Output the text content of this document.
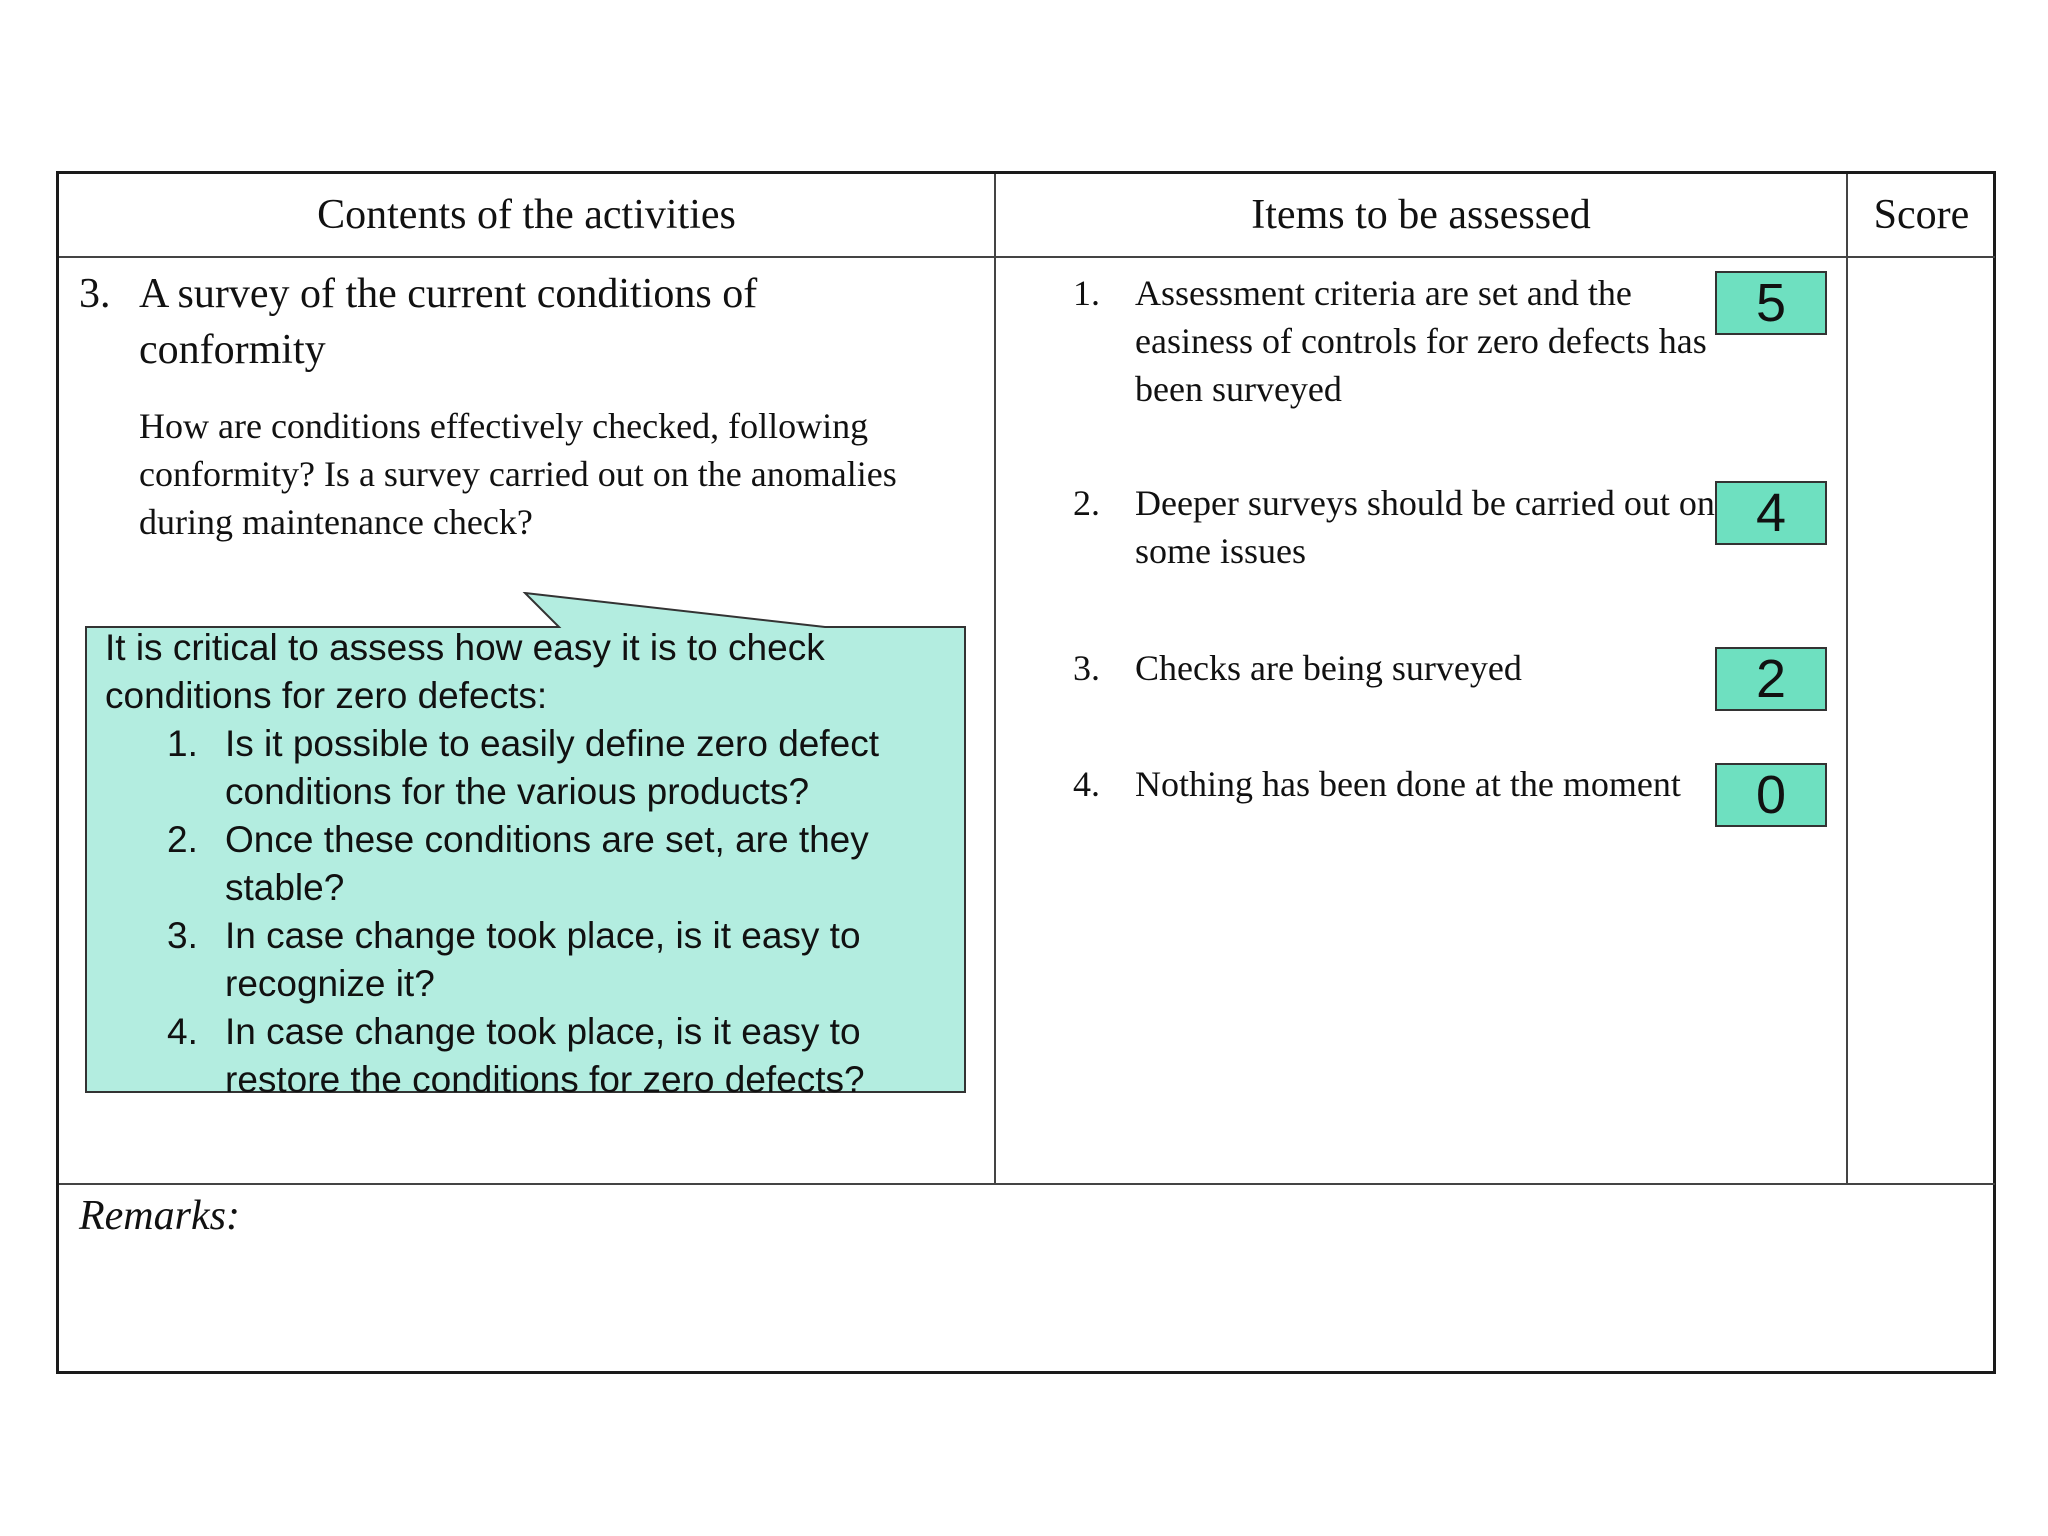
Contents of the activities	Items to be assessed	Score
3. A survey of the current conditions of conformity
How are conditions effectively checked, following conformity? Is a survey carried out on the anomalies during maintenance check?
It is critical to assess how easy it is to check conditions for zero defects:
1. Is it possible to easily define zero defect conditions for the various products?
2. Once these conditions are set, are they stable?
3. In case change took place, is it easy to recognize it?
4. In case change took place, is it easy to restore the conditions for zero defects?
1. Assessment criteria are set and the easiness of controls for zero defects has been surveyed
2. Deeper surveys should be carried out on some issues
3. Checks are being surveyed
4. Nothing has been done at the moment
5
4
2
0
Remarks:
